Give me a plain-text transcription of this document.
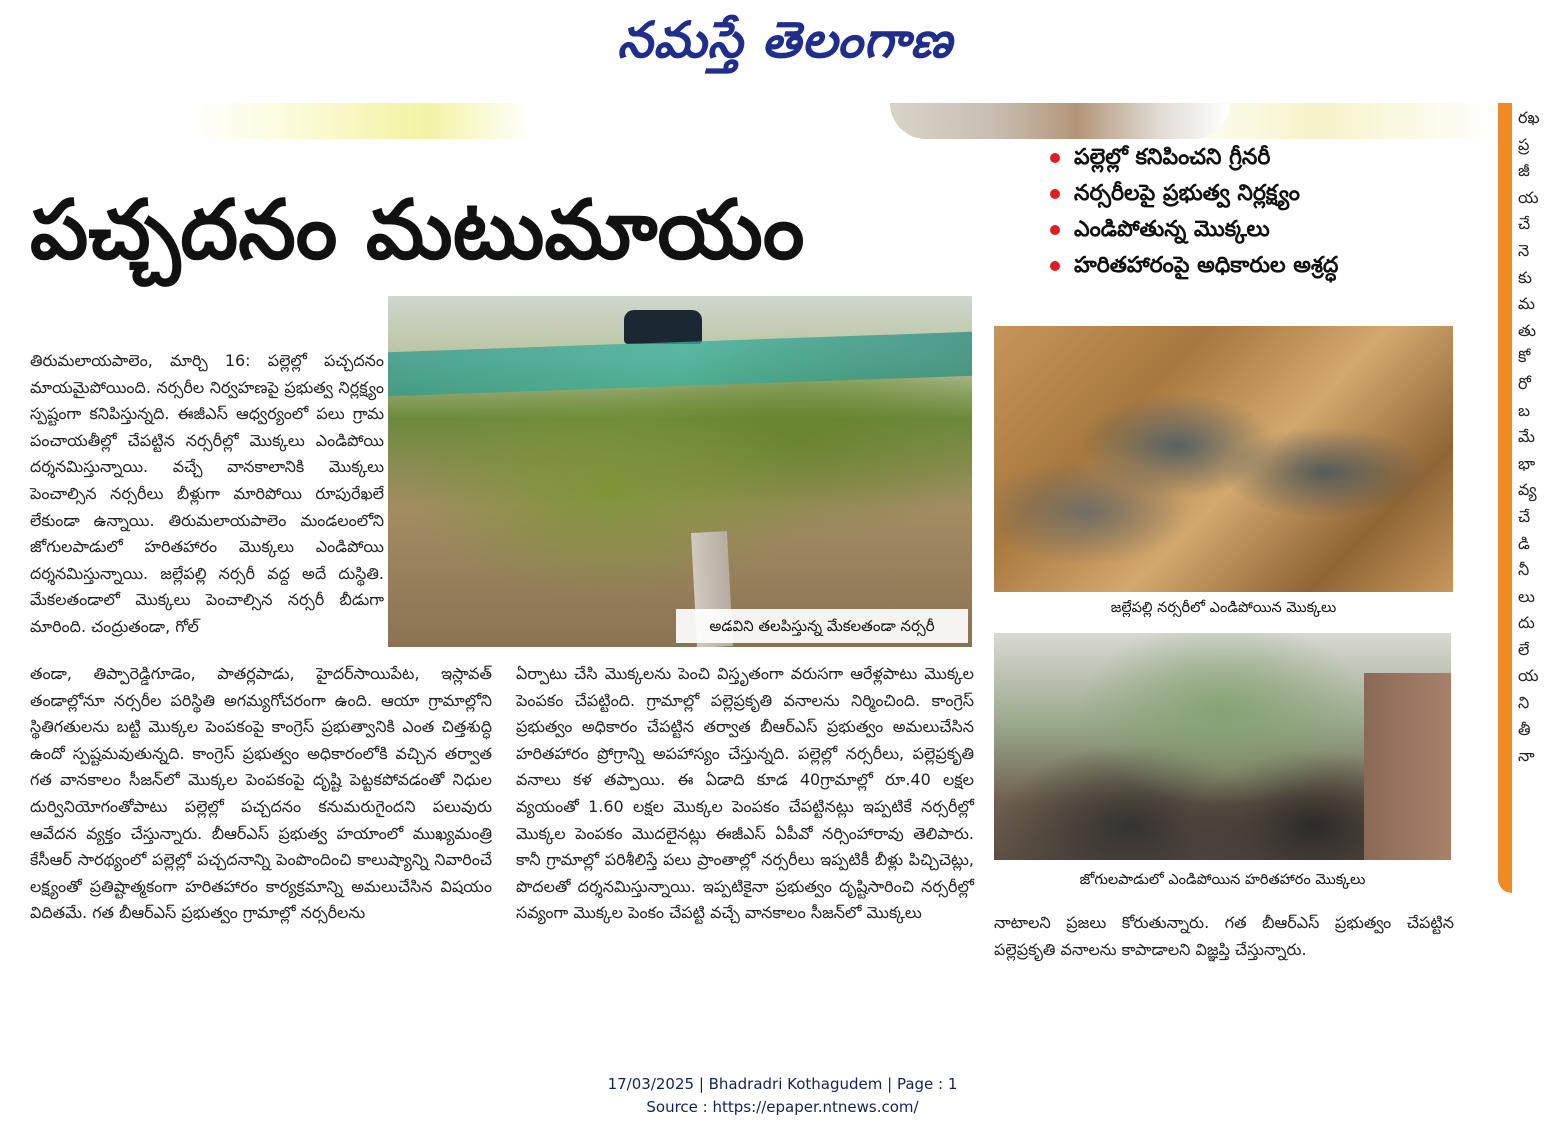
నమస్తే తెలంగాణ
పచ్చదనం మటుమాయం
పల్లెల్లో కనిపించని గ్రీనరీ
నర్సరీలపై ప్రభుత్వ నిర్లక్ష్యం
ఎండిపోతున్న మొక్కలు
హరితహారంపై అధికారుల అశ్రద్ధ

తిరుమలాయపాలెం, మార్చి 16: పల్లెల్లో పచ్చదనం మాయమైపోయింది. నర్సరీల నిర్వహణపై ప్రభుత్వ నిర్లక్ష్యం స్పష్టంగా కనిపిస్తున్నది. ఈజీఎస్ ఆధ్వర్యంలో పలు గ్రామ పంచాయతీల్లో చేపట్టిన నర్సరీల్లో మొక్కలు ఎండిపోయి దర్శనమిస్తున్నాయి. వచ్చే వానకాలానికి మొక్కలు పెంచాల్సిన నర్సరీలు బీళ్లుగా మారిపోయి రూపురేఖలే లేకుండా ఉన్నాయి. తిరుమలాయపాలెం మండలంలోని జోగులపాడులో హరితహారం మొక్కలు ఎండిపోయి దర్శనమిస్తున్నాయి. జల్లేపల్లి నర్సరీ వద్ద అదే దుస్థితి. మేకలతండాలో మొక్కలు పెంచాల్సిన నర్సరీ బీడుగా మారింది. చంద్రుతండా, గోల్

తండా, తిప్పారెడ్డిగూడెం, పాతర్లపాడు, హైదర్‌సాయిపేట, ఇస్లావత్ తండాల్లోనూ నర్సరీల పరిస్థితి అగమ్యగోచరంగా ఉంది. ఆయా గ్రామాల్లోని స్థితిగతులను బట్టి మొక్కల పెంపకంపై కాంగ్రెస్ ప్రభుత్వానికి ఎంత చిత్తశుద్ధి ఉందో స్పష్టమవుతున్నది. కాంగ్రెస్ ప్రభుత్వం అధికారంలోకి వచ్చిన తర్వాత గత వానకాలం సీజన్‌లో మొక్కల పెంపకంపై దృష్టి పెట్టకపోవడంతో నిధుల దుర్వినియోగంతోపాటు పల్లెల్లో పచ్చదనం కనుమరుగైందని పలువురు ఆవేదన వ్యక్తం చేస్తున్నారు. బీఆర్‌ఎస్ ప్రభుత్వ హయాంలో ముఖ్యమంత్రి కేసీఆర్ సారథ్యంలో పల్లెల్లో పచ్చదనాన్ని పెంపొందించి కాలుష్యాన్ని నివారించే లక్ష్యంతో ప్రతిష్టాత్మకంగా హరితహారం కార్యక్రమాన్ని అమలుచేసిన విషయం విదితమే. గత బీఆర్‌ఎస్ ప్రభుత్వం గ్రామాల్లో నర్సరీలను

ఏర్పాటు చేసి మొక్కలను పెంచి విస్తృతంగా వరుసగా ఆరేళ్లపాటు మొక్కల పెంపకం చేపట్టింది. గ్రామాల్లో పల్లెప్రకృతి వనాలను నిర్మించింది. కాంగ్రెస్ ప్రభుత్వం అధికారం చేపట్టిన తర్వాత బీఆర్‌ఎస్ ప్రభుత్వం అమలుచేసిన హరితహారం ప్రోగ్రాన్ని అపహాస్యం చేస్తున్నది. పల్లెల్లో నర్సరీలు, పల్లెప్రకృతి వనాలు కళ తప్పాయి. ఈ ఏడాది కూడ 40గ్రామాల్లో రూ.40 లక్షల వ్యయంతో 1.60 లక్షల మొక్కల పెంపకం చేపట్టినట్లు ఇప్పటికే నర్సరీల్లో మొక్కల పెంపకం మొదలైనట్లు ఈజీఎస్ ఏపీవో నర్సింహారావు తెలిపారు. కానీ గ్రామాల్లో పరిశీలిస్తే పలు ప్రాంతాల్లో నర్సరీలు ఇప్పటికీ బీళ్లు పిచ్చిచెట్లు, పొదలతో దర్శనమిస్తున్నాయి. ఇప్పటికైనా ప్రభుత్వం దృష్టిసారించి నర్సరీల్లో సవ్యంగా మొక్కల పెంకం చేపట్టి వచ్చే వానకాలం సీజన్‌లో మొక్కలు

నాటాలని ప్రజలు కోరుతున్నారు. గత బీఆర్‌ఎస్ ప్రభుత్వం చేపట్టిన పల్లెప్రకృతి వనాలను కాపాడాలని విజ్ఞప్తి చేస్తున్నారు.

అడవిని తలపిస్తున్న మేకలతండా నర్సరీ
జల్లేపల్లి నర్సరీలో ఎండిపోయిన మొక్కలు
జోగులపాడులో ఎండిపోయిన హరితహారం మొక్కలు
రఖ
ప్ర
జీ
య
చే
నె
కు
మ
తు
కో
రో
బ
మే
భా
వ్య
చే
డి
నీ
లు
దు
లే
య
ని
తీ
నా
17/03/2025 | Bhadradri Kothagudem | Page : 1
Source : https://epaper.ntnews.com/
